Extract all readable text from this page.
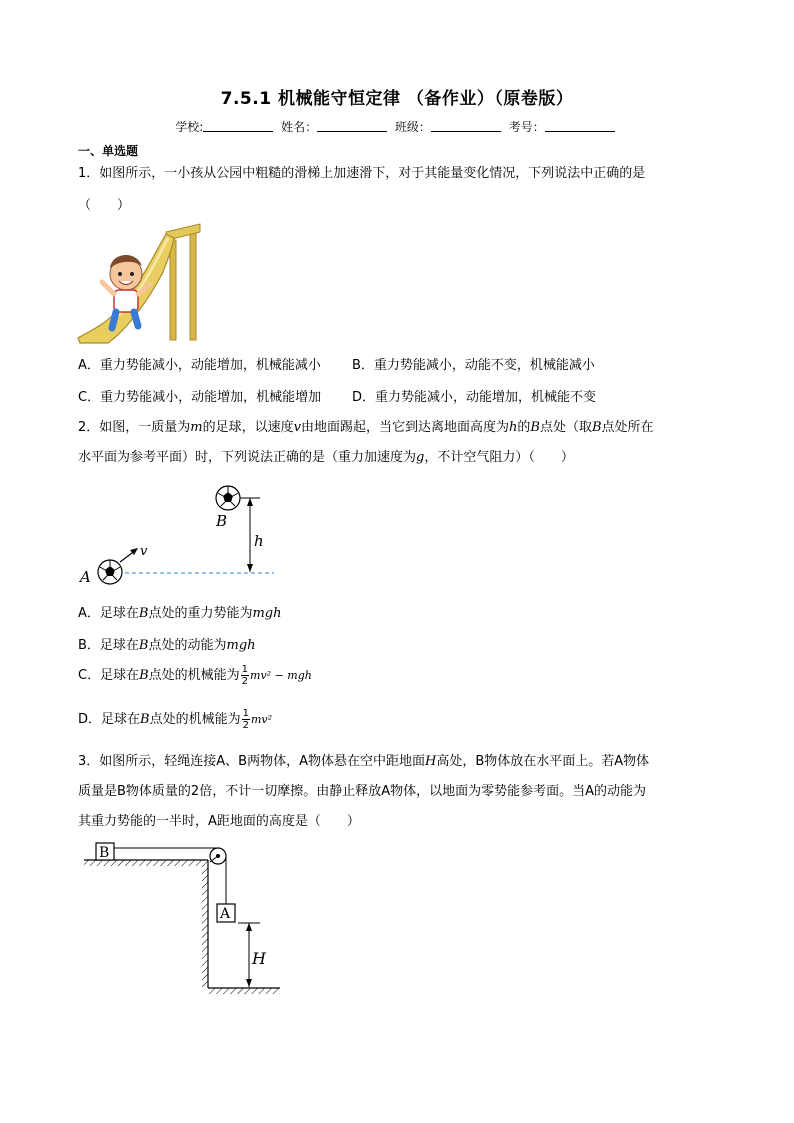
7.5.1 机械能守恒定律 （备作业）（原卷版）
学校:	姓名：	班级：	考号：
一、单选题
1．如图所示，一小孩从公园中粗糙的滑梯上加速滑下，对于其能量变化情况，下列说法中正确的是
（　　）
A．重力势能减小，动能增加，机械能减小 B．重力势能减小，动能不变，机械能减小
C．重力势能减小，动能增加，机械能增加 D．重力势能减小，动能增加，机械能不变
2．如图，一质量为m的足球，以速度v由地面踢起，当它到达离地面高度为h的B点处（取B点处所在
水平面为参考平面）时，下列说法正确的是（重力加速度为g，不计空气阻力）（　　）
B
h
A
v
A．足球在B点处的重力势能为mgh
B．足球在B点处的动能为mgh
C．足球在B点处的机械能为 $\frac{1}{2} mv^2$ − mgh
D．足球在B点处的机械能为 $\frac{1}{2} mv^2$
3．如图所示，轻绳连接A、B两物体，A物体悬在空中距地面H高处，B物体放在水平面上。若A物体
质量是B物体质量的2倍，不计一切摩擦。由静止释放A物体，以地面为零势能参考面。当A的动能为
其重力势能的一半时，A距地面的高度是（　　）
B
A
H
